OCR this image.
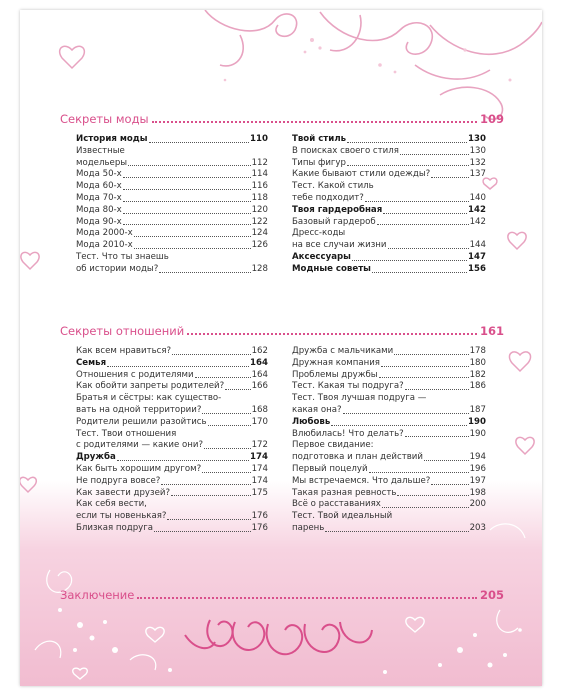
Секреты моды	109
История моды	110
Известные
модельеры	112
Мода 50-х	114
Мода 60-х	116
Мода 70-х	118
Мода 80-х	120
Мода 90-х	122
Мода 2000-х	124
Мода 2010-х	126
Тест. Что ты знаешь
об истории моды?	128
Твой стиль	130
В поисках своего стиля	130
Типы фигур	132
Какие бывают стили одежды?	137
Тест. Какой стиль
тебе подходит?	140
Твоя гардеробная	142
Базовый гардероб	142
Дресс-коды
на все случаи жизни	144
Аксессуары	147
Модные советы	156
Секреты отношений	161
Как всем нравиться?	162
Семья	164
Отношения с родителями	164
Как обойти запреты родителей?	166
Братья и сёстры: как существо-
вать на одной территории?	168
Родители решили разойтись	170
Тест. Твои отношения
с родителями — какие они?	172
Дружба	174
Как быть хорошим другом?	174
Не подруга вовсе?	174
Как завести друзей?	175
Как себя вести,
если ты новенькая?	176
Близкая подруга	176
Дружба с мальчиками	178
Дружная компания	180
Проблемы дружбы	182
Тест. Какая ты подруга?	186
Тест. Твоя лучшая подруга —
какая она?	187
Любовь	190
Влюбилась! Что делать?	190
Первое свидание:
подготовка и план действий	194
Первый поцелуй	196
Мы встречаемся. Что дальше?	197
Такая разная ревность	198
Всё о расставаниях	200
Тест. Твой идеальный
парень	203
Заключение	205
